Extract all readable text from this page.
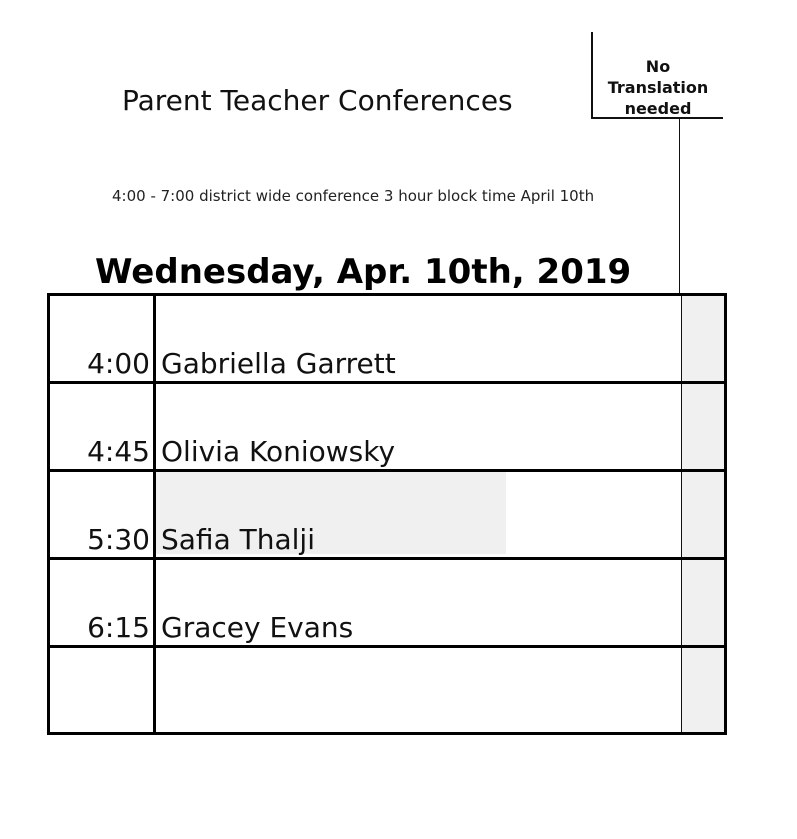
Parent Teacher Conferences
No
Translation
needed
4:00 - 7:00 district wide conference 3 hour block time April 10th
Wednesday, Apr. 10th, 2019
4:00 Gabriella Garrett
4:45 Olivia Koniowsky
5:30 Safia Thalji
6:15 Gracey Evans
